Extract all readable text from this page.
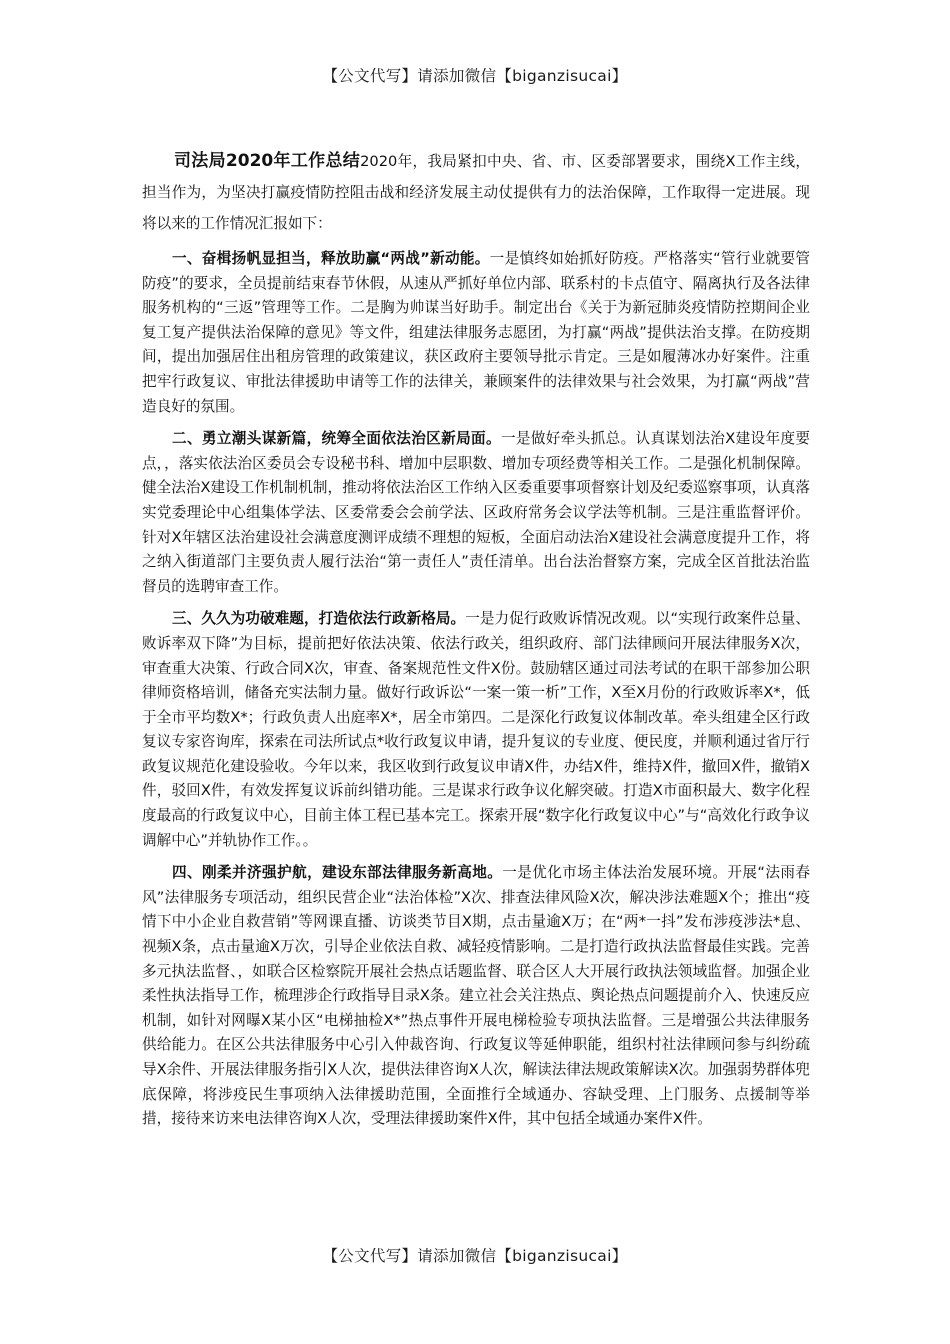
【公文代写】请添加微信【biganzisucai】

司法局2020年工作总结2020年，我局紧扣中央、省、市、区委部署要求，围绕X工作主线，担当作为，为坚决打赢疫情防控阻击战和经济发展主动仗提供有力的法治保障，工作取得一定进展。现将以来的工作情况汇报如下：

一、奋楫扬帆显担当，释放助赢“两战”新动能。一是慎终如始抓好防疫。严格落实“管行业就要管防疫”的要求，全员提前结束春节休假，从速从严抓好单位内部、联系村的卡点值守、隔离执行及各法律服务机构的“三返”管理等工作。二是胸为帅谋当好助手。制定出台《关于为新冠肺炎疫情防控期间企业复工复产提供法治保障的意见》等文件，组建法律服务志愿团，为打赢“两战”提供法治支撑。在防疫期间，提出加强居住出租房管理的政策建议，获区政府主要领导批示肯定。三是如履薄冰办好案件。注重把牢行政复议、审批法律援助申请等工作的法律关，兼顾案件的法律效果与社会效果，为打赢“两战”营造良好的氛围。

二、勇立潮头谋新篇，统筹全面依法治区新局面。一是做好牵头抓总。认真谋划法治X建设年度要点，，落实依法治区委员会专设秘书科、增加中层职数、增加专项经费等相关工作。二是强化机制保障。健全法治X建设工作机制机制，推动将依法治区工作纳入区委重要事项督察计划及纪委巡察事项，认真落实党委理论中心组集体学法、区委常委会会前学法、区政府常务会议学法等机制。三是注重监督评价。针对X年辖区法治建设社会满意度测评成绩不理想的短板，全面启动法治X建设社会满意度提升工作，将之纳入街道部门主要负责人履行法治“第一责任人”责任清单。出台法治督察方案，完成全区首批法治监督员的选聘审查工作。

三、久久为功破难题，打造依法行政新格局。一是力促行政败诉情况改观。以“实现行政案件总量、败诉率双下降”为目标，提前把好依法决策、依法行政关，组织政府、部门法律顾问开展法律服务X次，审查重大决策、行政合同X次，审查、备案规范性文件X份。鼓励辖区通过司法考试的在职干部参加公职律师资格培训，储备充实法制力量。做好行政诉讼“一案一策一析”工作，X至X月份的行政败诉率X*，低于全市平均数X*；行政负责人出庭率X*，居全市第四。二是深化行政复议体制改革。牵头组建全区行政复议专家咨询库，探索在司法所试点*收行政复议申请，提升复议的专业度、便民度，并顺利通过省厅行政复议规范化建设验收。今年以来，我区收到行政复议申请X件，办结X件，维持X件，撤回X件，撤销X件，驳回X件，有效发挥复议诉前纠错功能。三是谋求行政争议化解突破。打造X市面积最大、数字化程度最高的行政复议中心，目前主体工程已基本完工。探索开展“数字化行政复议中心”与“高效化行政争议调解中心”并轨协作工作。。

四、刚柔并济强护航，建设东部法律服务新高地。一是优化市场主体法治发展环境。开展“法雨春风”法律服务专项活动，组织民营企业“法治体检”X次、排查法律风险X次，解决涉法难题X个；推出“疫情下中小企业自救营销”等网课直播、访谈类节目X期，点击量逾X万；在“两*一抖”发布涉疫涉法*息、视频X条，点击量逾X万次，引导企业依法自救、减轻疫情影响。二是打造行政执法监督最佳实践。完善多元执法监督、，如联合区检察院开展社会热点话题监督、联合区人大开展行政执法领域监督。加强企业柔性执法指导工作，梳理涉企行政指导目录X条。建立社会关注热点、舆论热点问题提前介入、快速反应机制，如针对网曝X某小区“电梯抽检X*”热点事件开展电梯检验专项执法监督。三是增强公共法律服务供给能力。在区公共法律服务中心引入仲裁咨询、行政复议等延伸职能，组织村社法律顾问参与纠纷疏导X余件、开展法律服务指引X人次，提供法律咨询X人次，解读法律法规政策解读X次。加强弱势群体兜底保障，将涉疫民生事项纳入法律援助范围，全面推行全域通办、容缺受理、上门服务、点援制等举措，接待来访来电法律咨询X人次，受理法律援助案件X件，其中包括全域通办案件X件。

【公文代写】请添加微信【biganzisucai】
